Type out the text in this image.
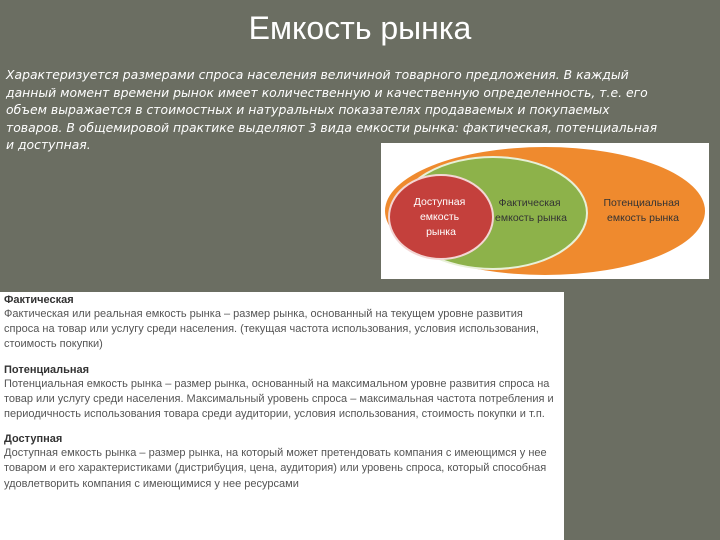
Емкость рынка
Характеризуется размерами спроса населения величиной товарного предложения. В каждый данный момент времени рынок имеет количественную и качественную определенность, т.е. его объем выражается в стоимостных и натуральных показателях продаваемых и покупаемых товаров. В общемировой практике выделяют 3 вида емкости рынка: фактическая, потенциальная и доступная.
Доступная емкость рынка
Фактическая емкость рынка
Потенциальная емкость рынка

Фактическая

Фактическая или реальная емкость рынка – размер рынка, основанный на текущем уровне развития спроса на товар или услугу среди населения. (текущая частота использования, условия использования, стоимость покупки)

Потенциальная

Потенциальная емкость рынка – размер рынка, основанный на максимальном уровне развития спроса на товар или услугу среди населения. Максимальный уровень спроса – максимальная частота потребления и периодичность использования товара среди аудитории, условия использования, стоимость покупки и т.п.

Доступная

Доступная емкость рынка – размер рынка, на который может претендовать компания с имеющимся у нее товаром и его характеристиками (дистрибуция, цена, аудитория) или уровень спроса, который способная удовлетворить компания с имеющимися у нее ресурсами
